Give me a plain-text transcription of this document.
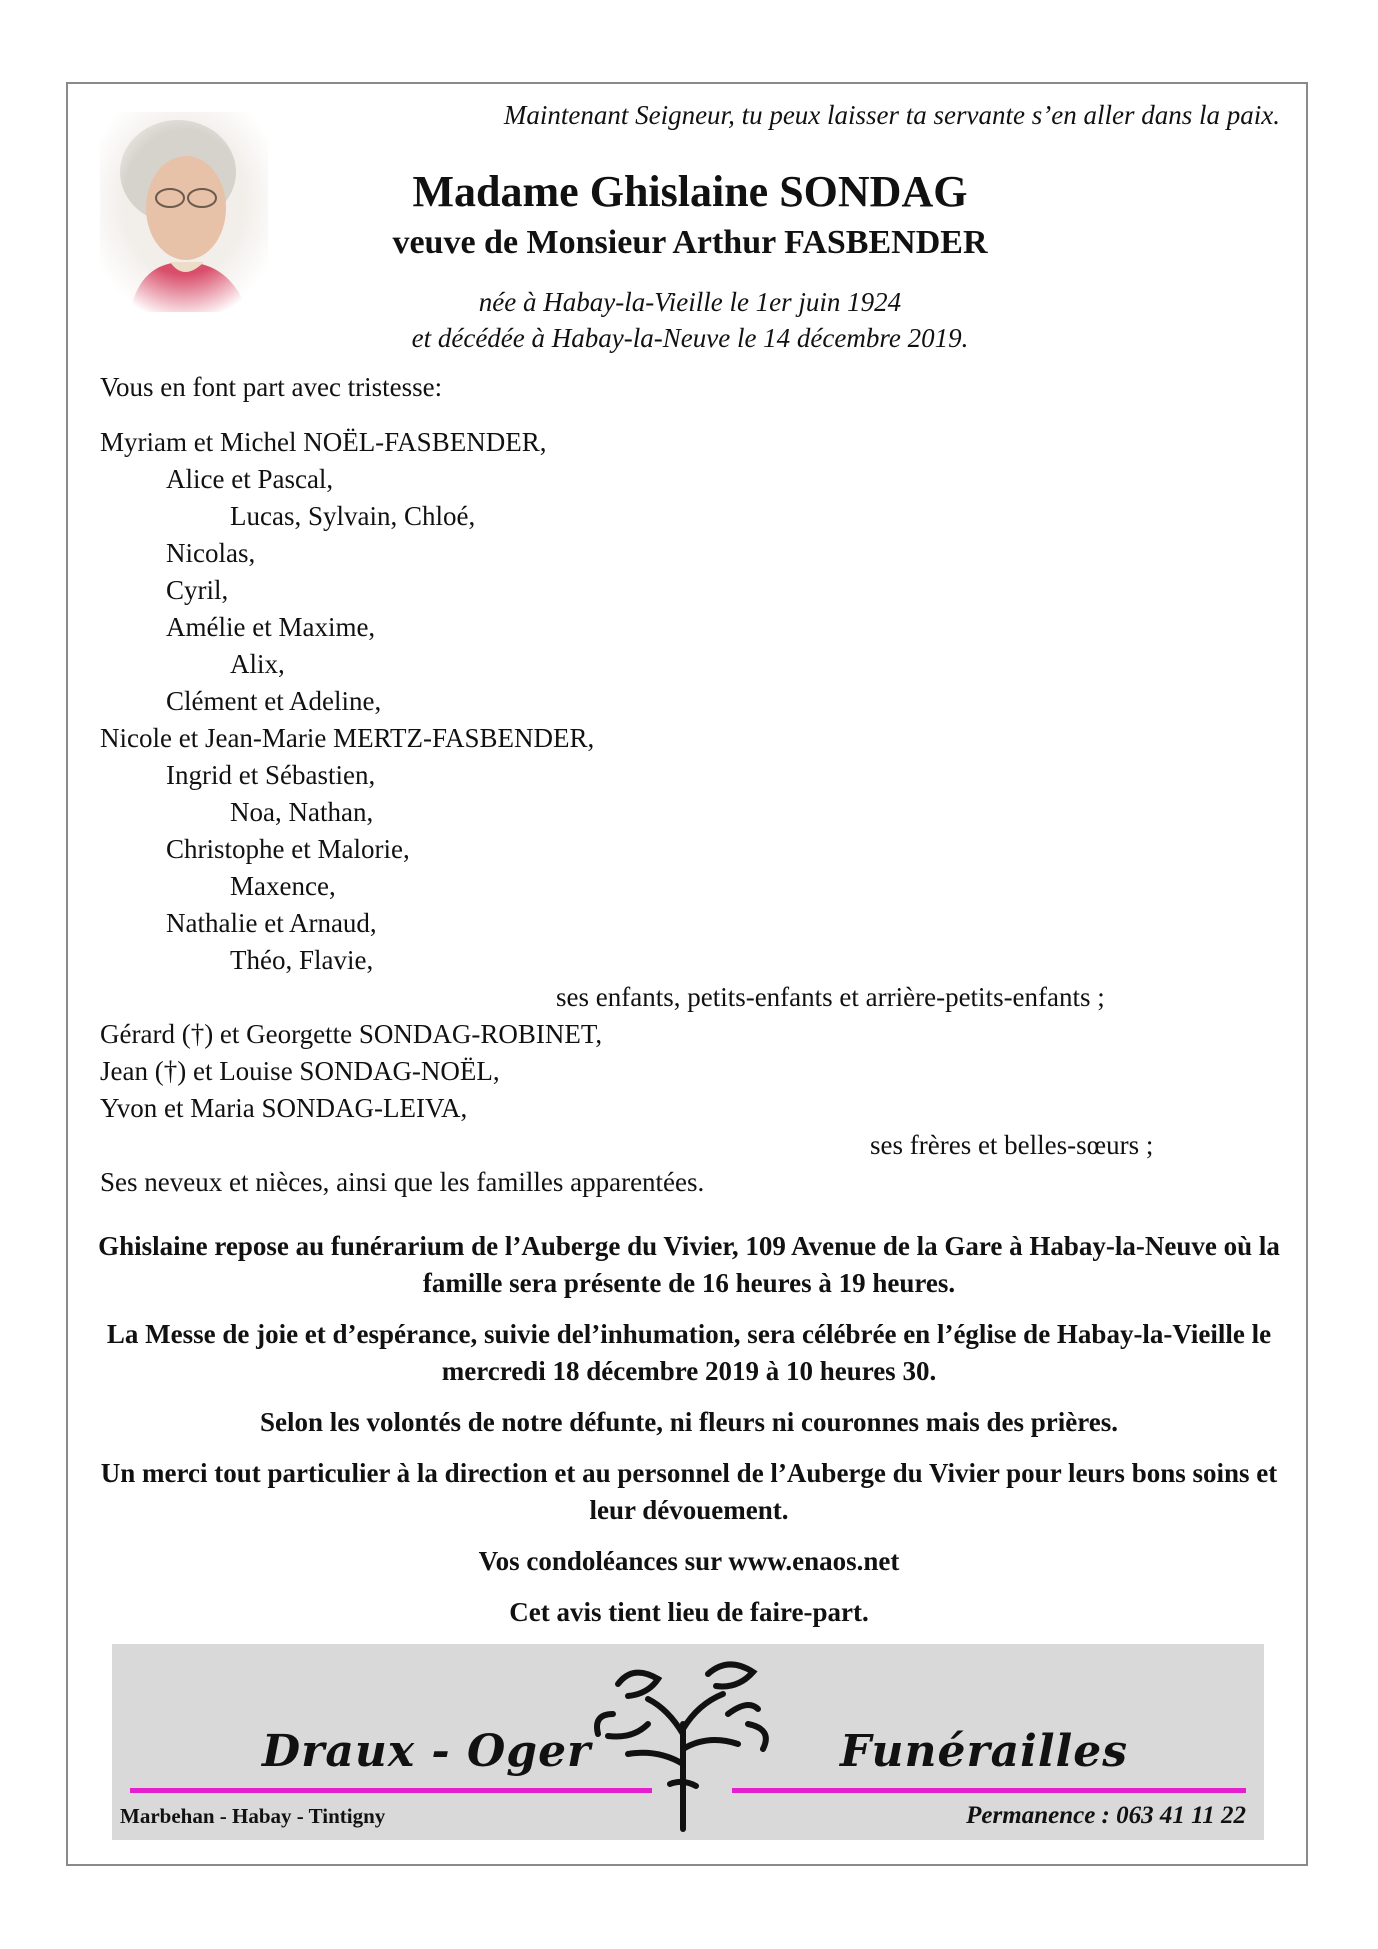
Maintenant Seigneur, tu peux laisser ta servante s’en aller dans la paix.
Madame Ghislaine SONDAG
veuve de Monsieur Arthur FASBENDER
née à Habay-la-Vieille le 1er juin 1924
et décédée à Habay-la-Neuve le 14 décembre 2019.
Vous en font part avec tristesse:
Myriam et Michel NOËL-FASBENDER,
Alice et Pascal,
Lucas, Sylvain, Chloé,
Nicolas,
Cyril,
Amélie et Maxime,
Alix,
Clément et Adeline,
Nicole et Jean-Marie MERTZ-FASBENDER,
Ingrid et Sébastien,
Noa, Nathan,
Christophe et Malorie,
Maxence,
Nathalie et Arnaud,
Théo, Flavie,
ses enfants, petits-enfants et arrière-petits-enfants ;
Gérard (†) et Georgette SONDAG-ROBINET,
Jean (†) et Louise SONDAG-NOËL,
Yvon et Maria SONDAG-LEIVA,
ses frères et belles-sœurs ;
Ses neveux et nièces, ainsi que les familles apparentées.

Ghislaine repose au funérarium de l’Auberge du Vivier, 109 Avenue de la Gare à Habay-la-Neuve où la famille sera présente de 16 heures à 19 heures.

La Messe de joie et d’espérance, suivie del’inhumation, sera célébrée en l’église de Habay-la-Vieille le mercredi 18 décembre 2019 à 10 heures 30.

Selon les volontés de notre défunte, ni fleurs ni couronnes mais des prières.

Un merci tout particulier à la direction et au personnel de l’Auberge du Vivier pour leurs bons soins et leur dévouement.

Vos condoléances sur www.enaos.net

Cet avis tient lieu de faire-part.

Draux - Oger	Funérailles
Marbehan - Habay - Tintigny	Permanence : 063 41 11 22
